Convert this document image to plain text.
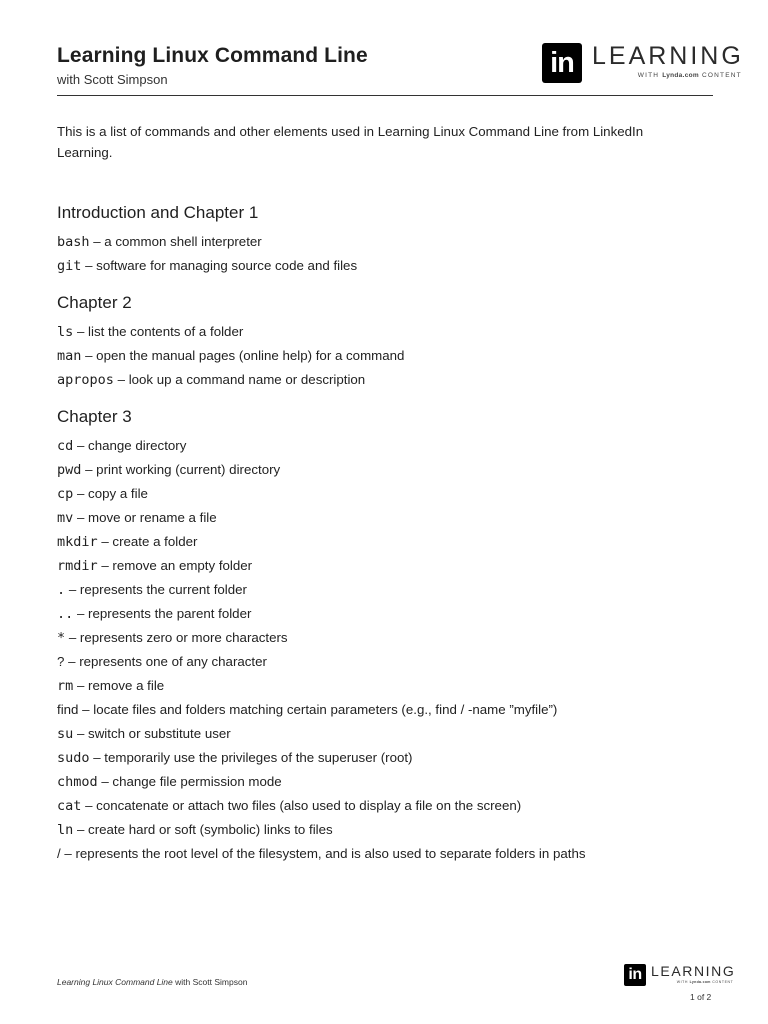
Learning Linux Command Line
with Scott Simpson
in LEARNING
WITH Lynda.com CONTENT

This is a list of commands and other elements used in Learning Linux Command Line from LinkedIn Learning.

Introduction and Chapter 1
bash – a common shell interpreter
git – software for managing source code and files
Chapter 2
ls – list the contents of a folder
man – open the manual pages (online help) for a command
apropos – look up a command name or description
Chapter 3
cd – change directory
pwd – print working (current) directory
cp – copy a file
mv – move or rename a file
mkdir – create a folder
rmdir – remove an empty folder
. – represents the current folder
.. – represents the parent folder
* – represents zero or more characters
? – represents one of any character
rm – remove a file
find – locate files and folders matching certain parameters (e.g., find / -name ”myfile”)
su – switch or substitute user
sudo – temporarily use the privileges of the superuser (root)
chmod – change file permission mode
cat – concatenate or attach two files (also used to display a file on the screen)
ln – create hard or soft (symbolic) links to files
/ – represents the root level of the filesystem, and is also used to separate folders in paths
Learning Linux Command Line with Scott Simpson	in LEARNING
WITH Lynda.com CONTENT
1 of 2
